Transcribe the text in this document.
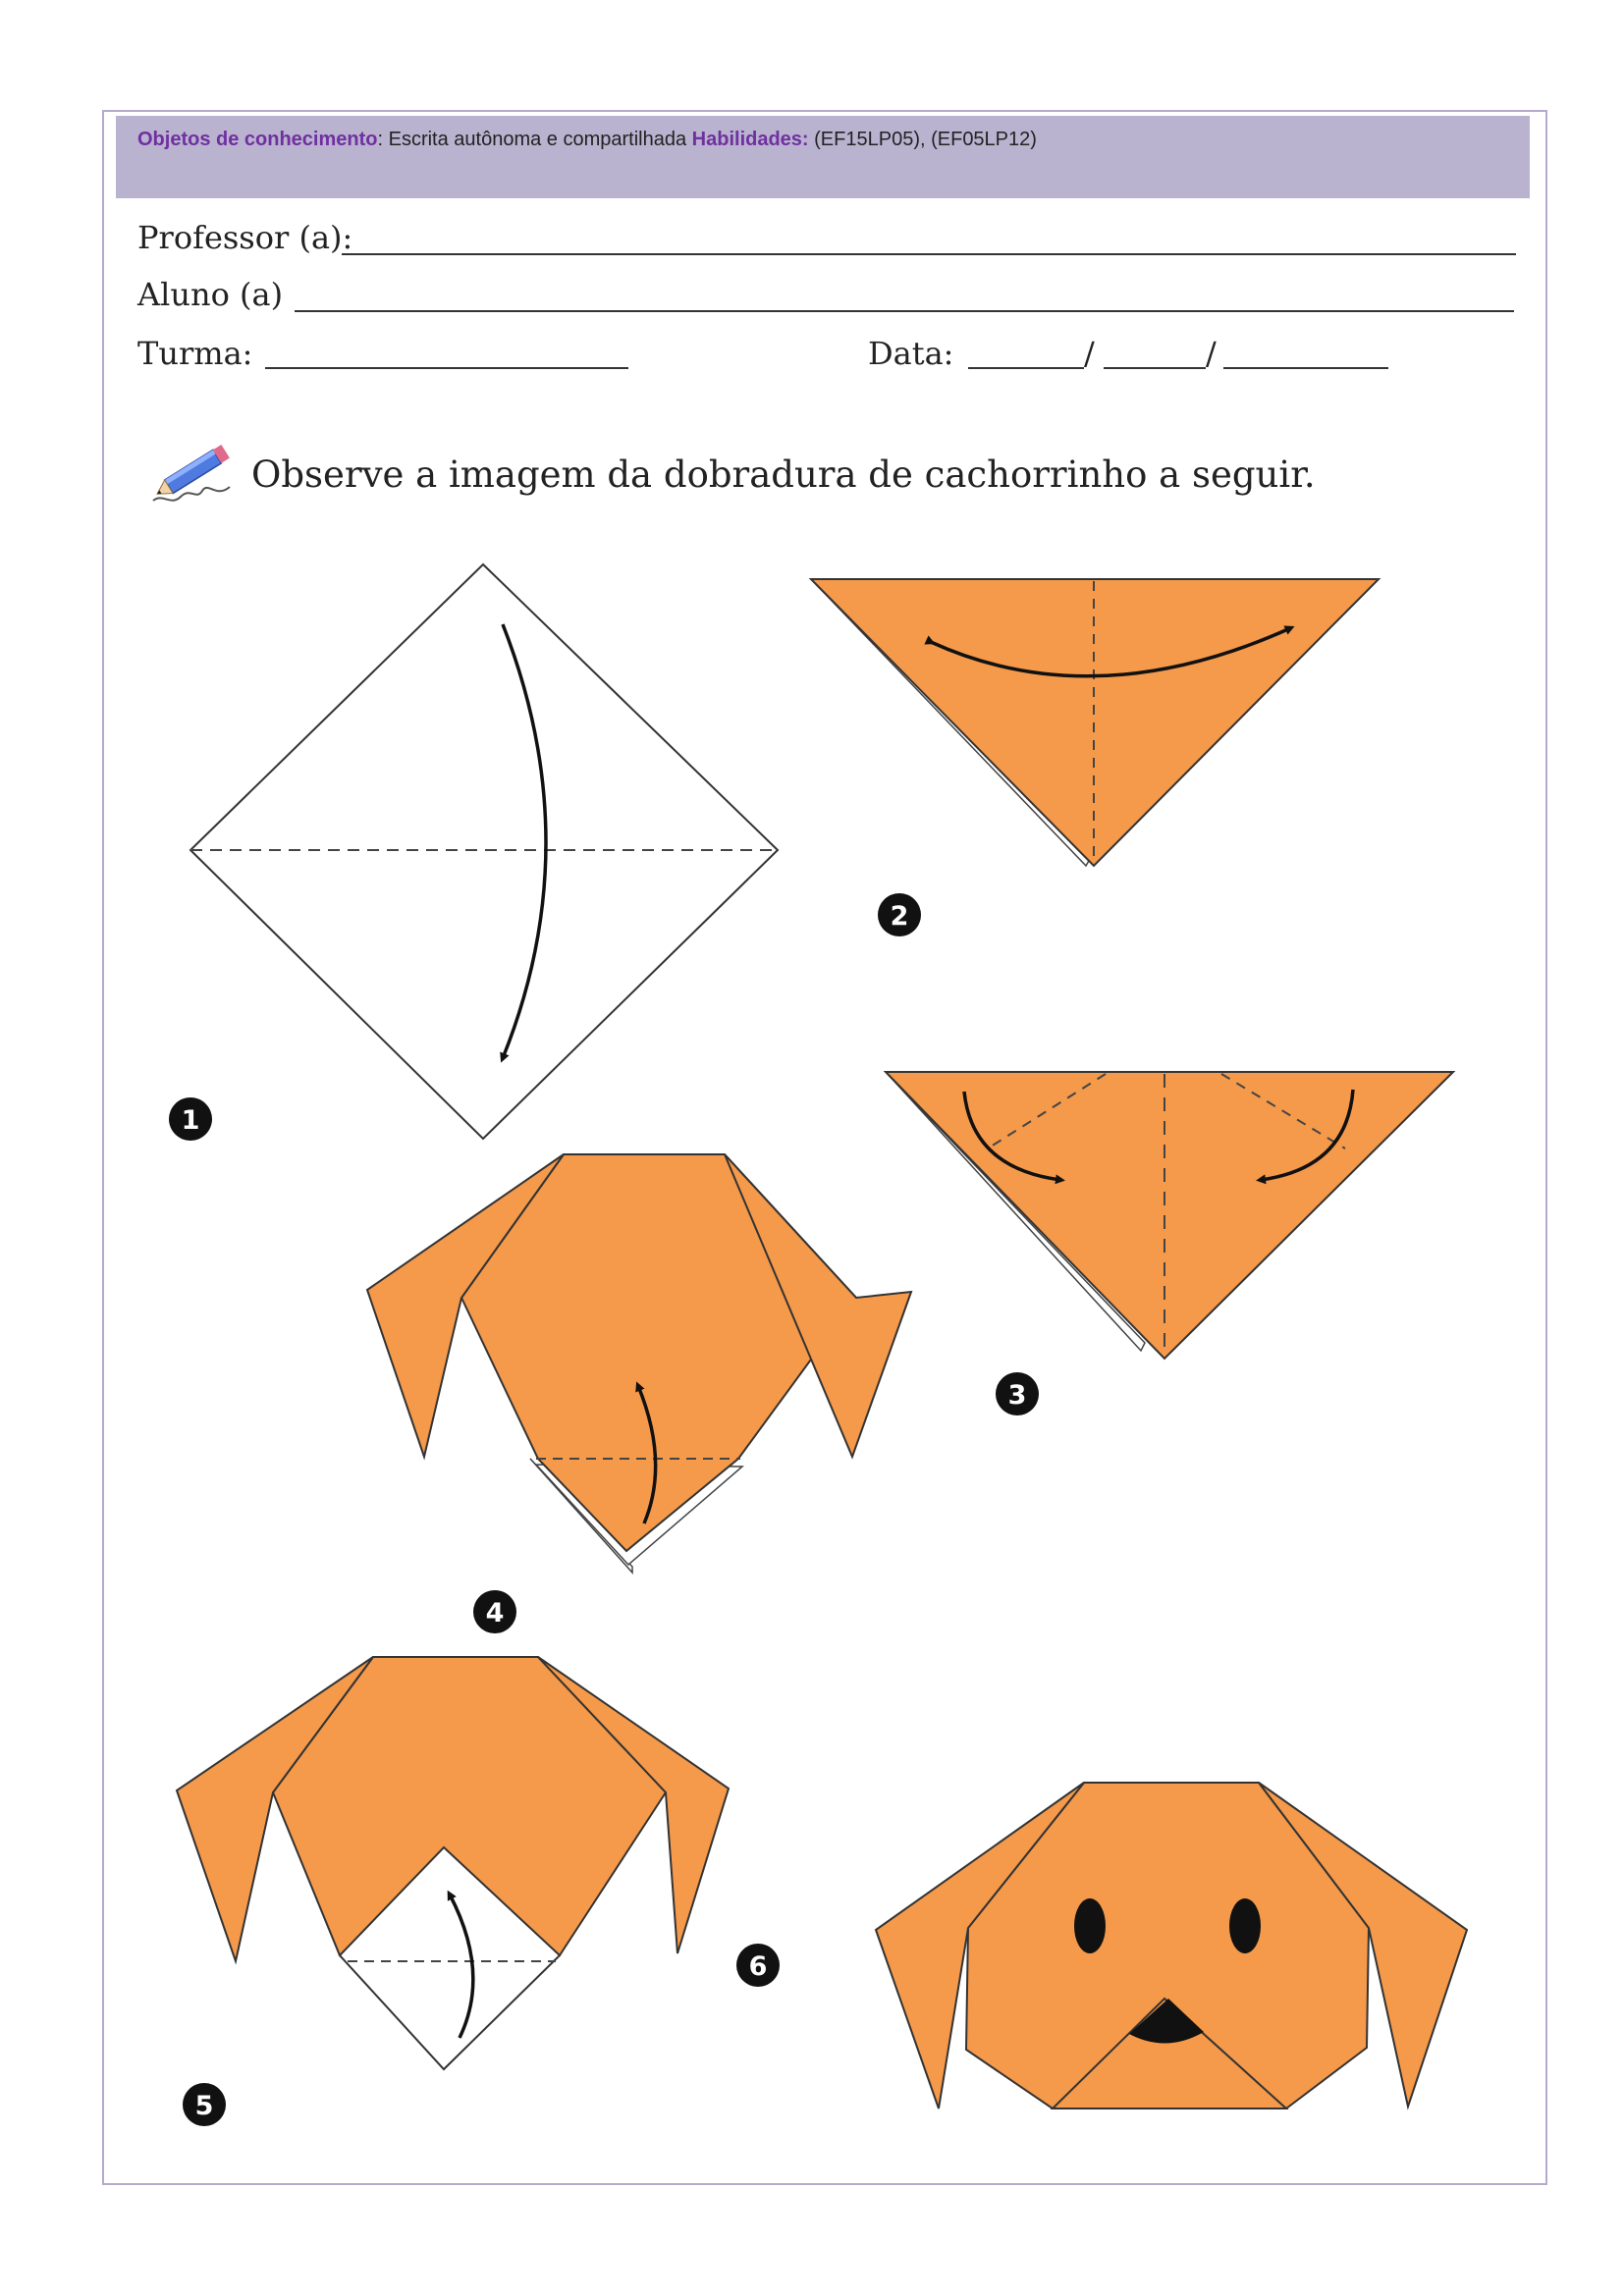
Objetos de conhecimento: Escrita autônoma e compartilhada Habilidades: (EF15LP05), (EF05LP12)
Professor (a):
Aluno (a)
Turma:	Data:	/	/
Observe a imagem da dobradura de cachorrinho a seguir.
1
2
3
4
5
6
